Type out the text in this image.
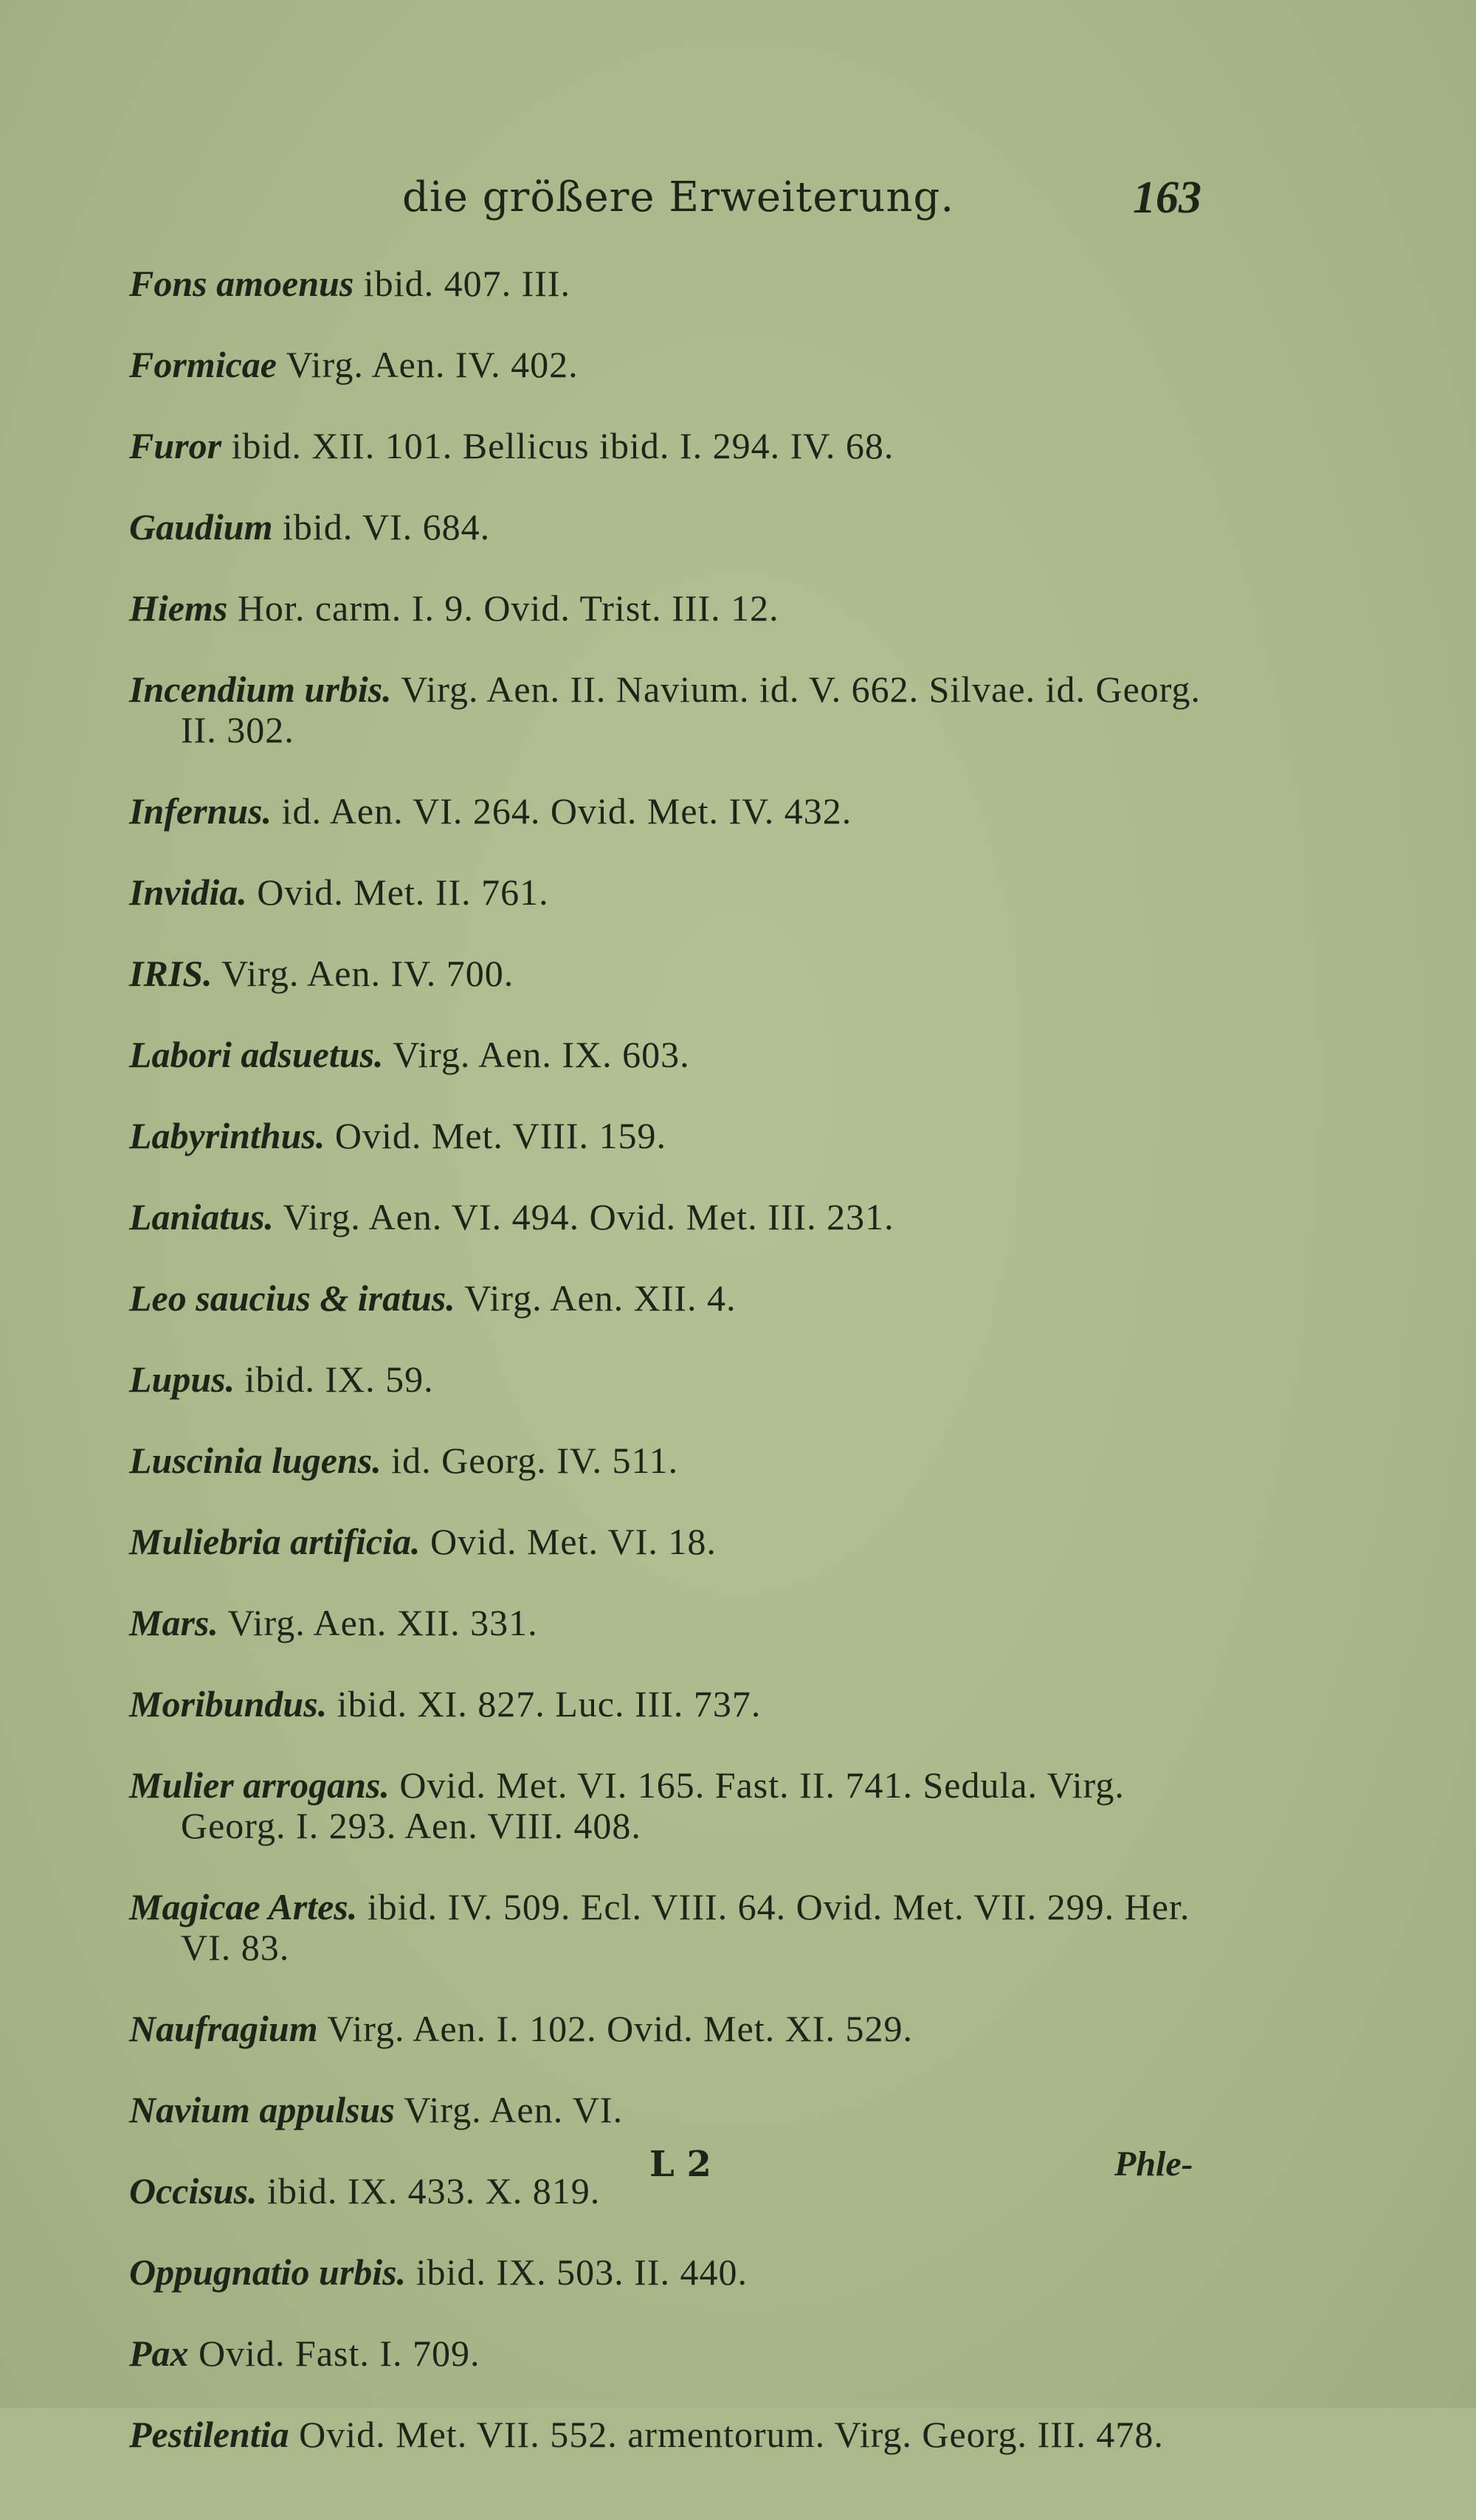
die größere Erweiterung.	163
Fons amoenus ibid. 407. III.
Formicae Virg. Aen. IV. 402.
Furor ibid. XII. 101. Bellicus ibid. I. 294. IV. 68.
Gaudium ibid. VI. 684.
Hiems Hor. carm. I. 9. Ovid. Trist. III. 12.
Incendium urbis. Virg. Aen. II. Navium. id. V. 662. Silvae. id. Georg. II. 302.
Infernus. id. Aen. VI. 264. Ovid. Met. IV. 432.
Invidia. Ovid. Met. II. 761.
IRIS. Virg. Aen. IV. 700.
Labori adsuetus. Virg. Aen. IX. 603.
Labyrinthus. Ovid. Met. VIII. 159.
Laniatus. Virg. Aen. VI. 494. Ovid. Met. III. 231.
Leo saucius & iratus. Virg. Aen. XII. 4.
Lupus. ibid. IX. 59.
Luscinia lugens. id. Georg. IV. 511.
Muliebria artificia. Ovid. Met. VI. 18.
Mars. Virg. Aen. XII. 331.
Moribundus. ibid. XI. 827. Luc. III. 737.
Mulier arrogans. Ovid. Met. VI. 165. Fast. II. 741. Sedula. Virg. Georg. I. 293. Aen. VIII. 408.
Magicae Artes. ibid. IV. 509. Ecl. VIII. 64. Ovid. Met. VII. 299. Her. VI. 83.
Naufragium Virg. Aen. I. 102. Ovid. Met. XI. 529.
Navium appulsus Virg. Aen. VI.
Occisus. ibid. IX. 433. X. 819.
Oppugnatio urbis. ibid. IX. 503. II. 440.
Pax Ovid. Fast. I. 709.
Pestilentia Ovid. Met. VII. 552. armentorum. Virg. Georg. III. 478.
L 2	Phle-
